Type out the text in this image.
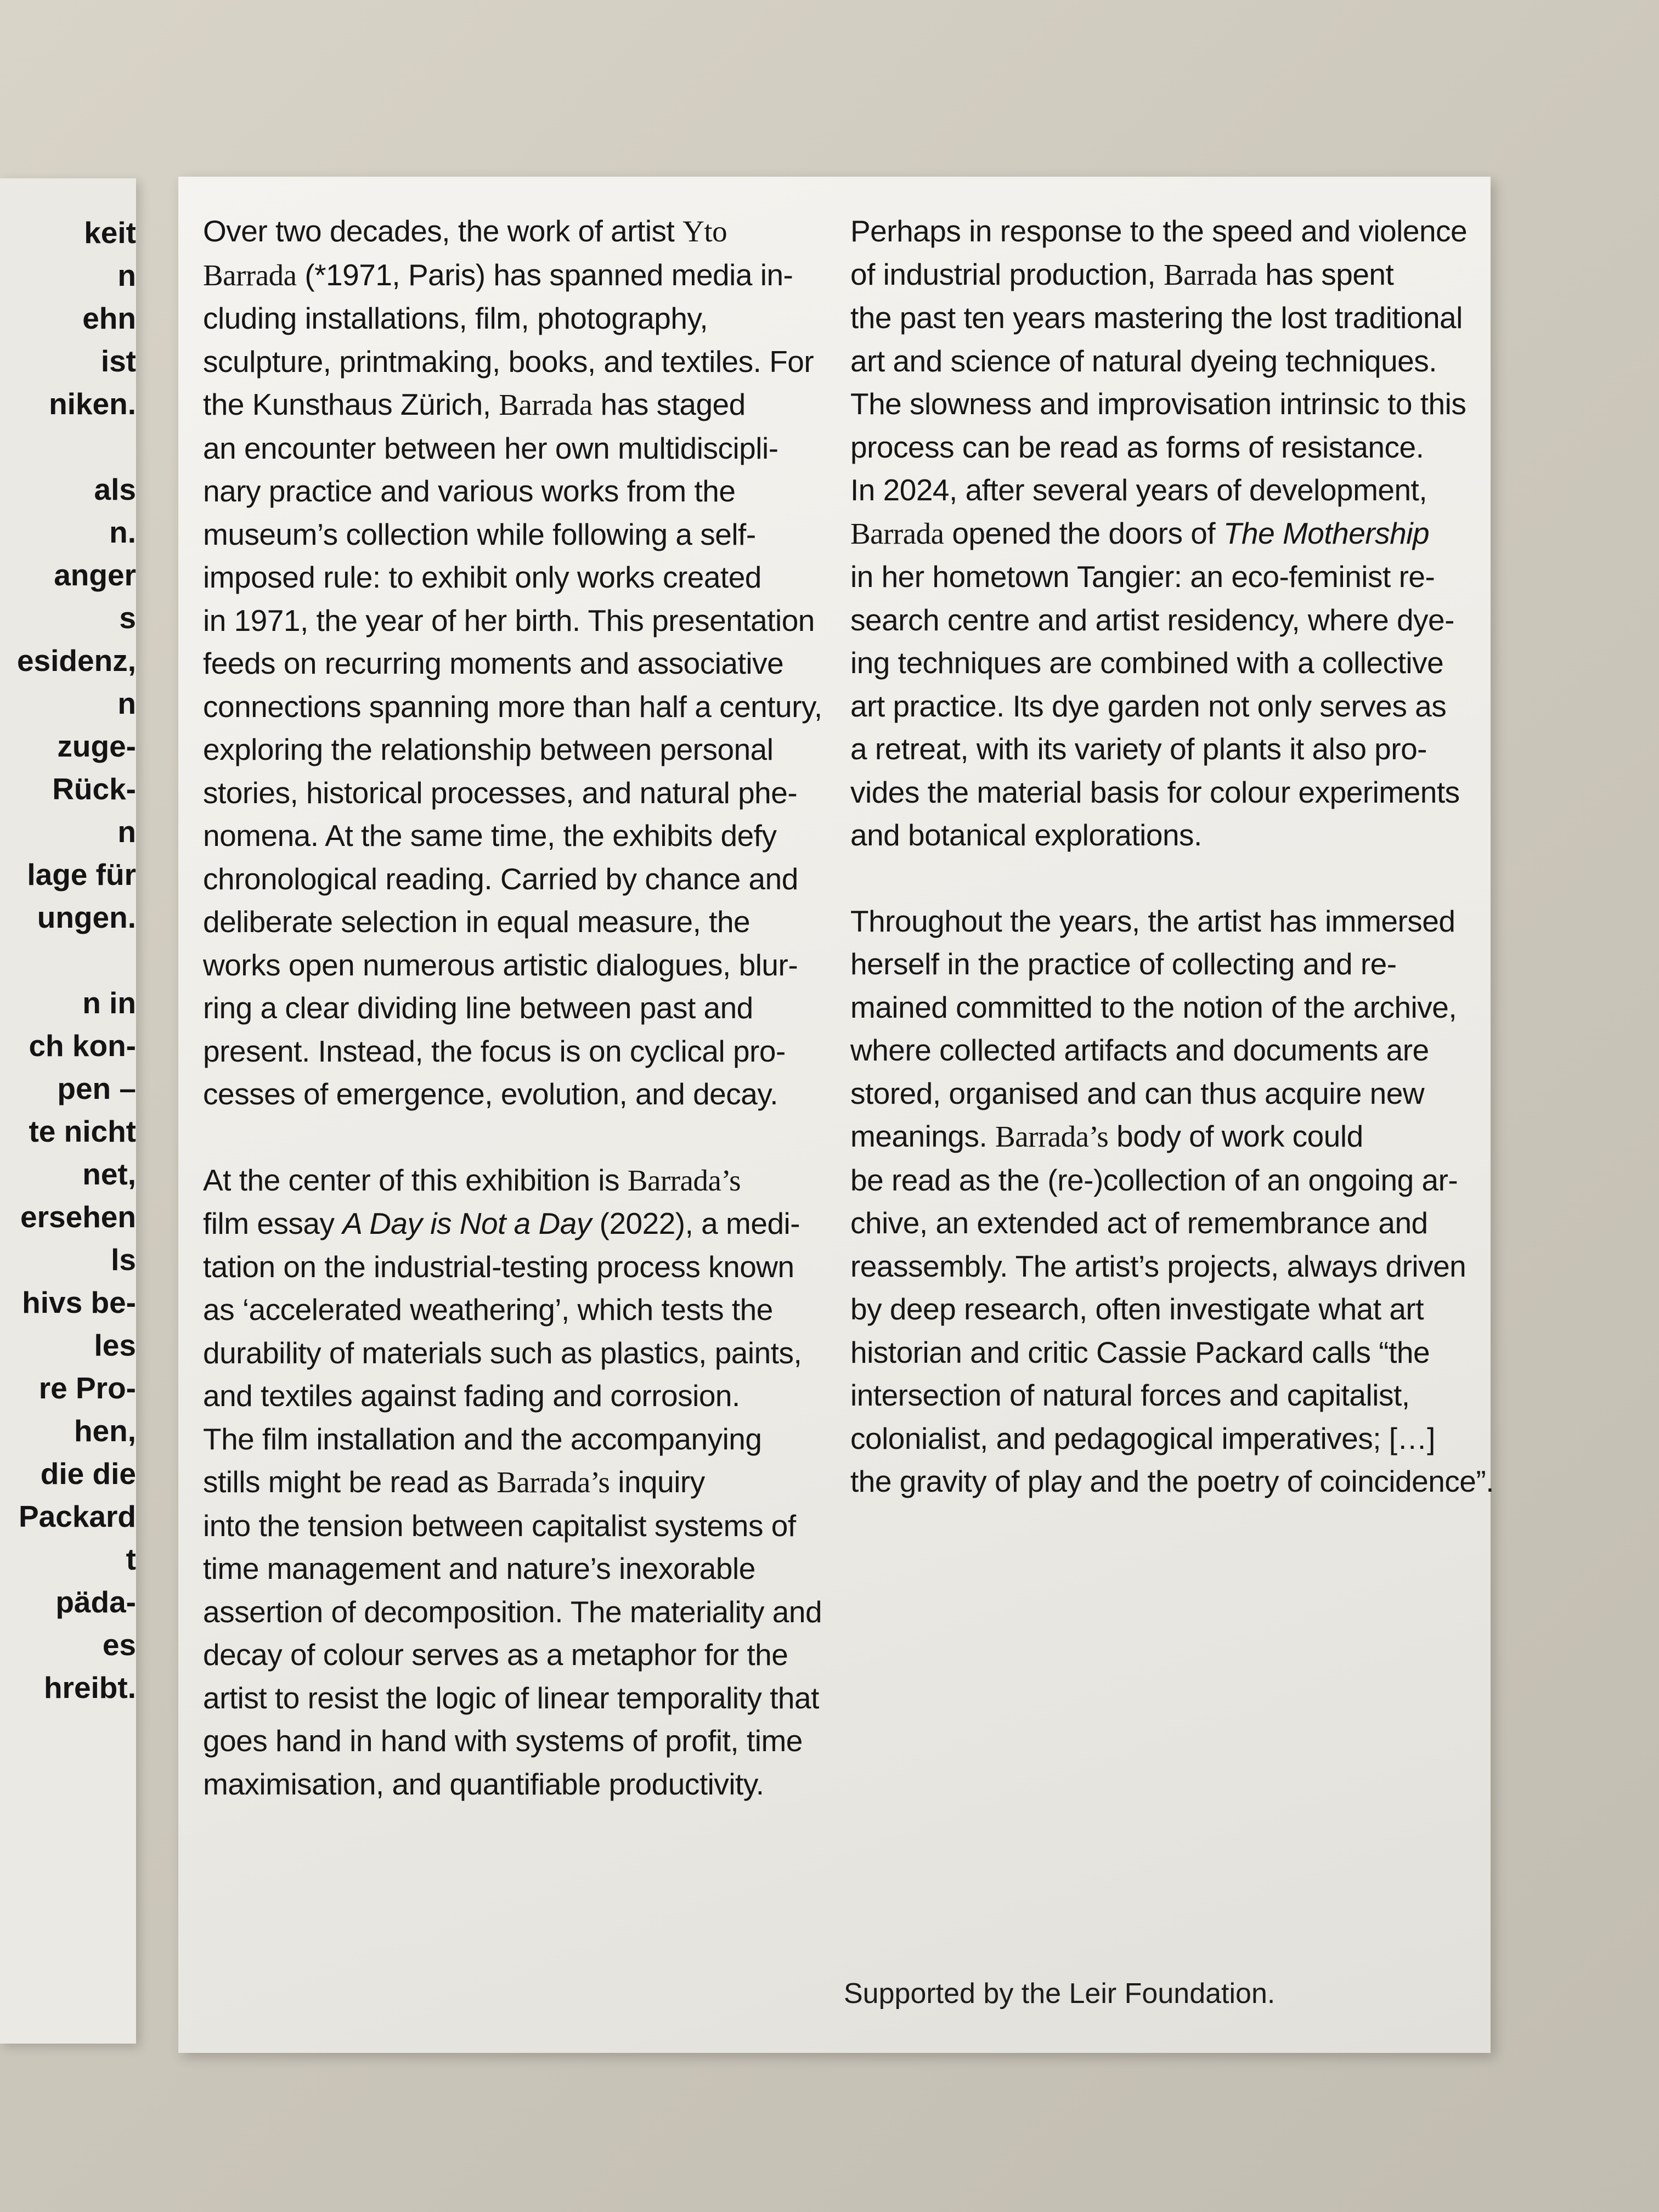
keit
n
ehn
ist
niken.

als
n.
anger
s
esidenz,
n
zuge-
Rück-
n
lage für
ungen.

n in
ch kon-
pen –
te nicht
net,
ersehen
ls
hivs be-
les
re Pro-
hen,
die die
Packard
t
päda-
es
hreibt.

Over two decades, the work of artist Yto
Barrada (*1971, Paris) has spanned media in-
cluding installations, film, photography,
sculpture, printmaking, books, and textiles. For
the Kunsthaus Zürich, Barrada has staged
an encounter between her own multidiscipli-
nary practice and various works from the
museum’s collection while following a self-
imposed rule: to exhibit only works created
in 1971, the year of her birth. This presentation
feeds on recurring moments and associative
connections spanning more than half a century,
exploring the relationship between personal
stories, historical processes, and natural phe-
nomena. At the same time, the exhibits defy
chronological reading. Carried by chance and
deliberate selection in equal measure, the
works open numerous artistic dialogues, blur-
ring a clear dividing line between past and
present. Instead, the focus is on cyclical pro-
cesses of emergence, evolution, and decay.

At the center of this exhibition is Barrada’s
film essay A Day is Not a Day (2022), a medi-
tation on the industrial-testing process known
as ‘accelerated weathering’, which tests the
durability of materials such as plastics, paints,
and textiles against fading and corrosion.
The film installation and the accompanying
stills might be read as Barrada’s inquiry
into the tension between capitalist systems of
time management and nature’s inexorable
assertion of decomposition. The materiality and
decay of colour serves as a metaphor for the
artist to resist the logic of linear temporality that
goes hand in hand with systems of profit, time
maximisation, and quantifiable productivity.

Perhaps in response to the speed and violence
of industrial production, Barrada has spent
the past ten years mastering the lost traditional
art and science of natural dyeing techniques.
The slowness and improvisation intrinsic to this
process can be read as forms of resistance.
In 2024, after several years of development,
Barrada opened the doors of The Mothership
in her hometown Tangier: an eco-feminist re-
search centre and artist residency, where dye-
ing techniques are combined with a collective
art practice. Its dye garden not only serves as
a retreat, with its variety of plants it also pro-
vides the material basis for colour experiments
and botanical explorations.

Throughout the years, the artist has immersed
herself in the practice of collecting and re-
mained committed to the notion of the archive,
where collected artifacts and documents are
stored, organised and can thus acquire new
meanings. Barrada’s body of work could
be read as the (re-)collection of an ongoing ar-
chive, an extended act of remembrance and
reassembly. The artist’s projects, always driven
by deep research, often investigate what art
historian and critic Cassie Packard calls “the
intersection of natural forces and capitalist,
colonialist, and pedagogical imperatives; […]
the gravity of play and the poetry of coincidence”.

Supported by the Leir Foundation.
